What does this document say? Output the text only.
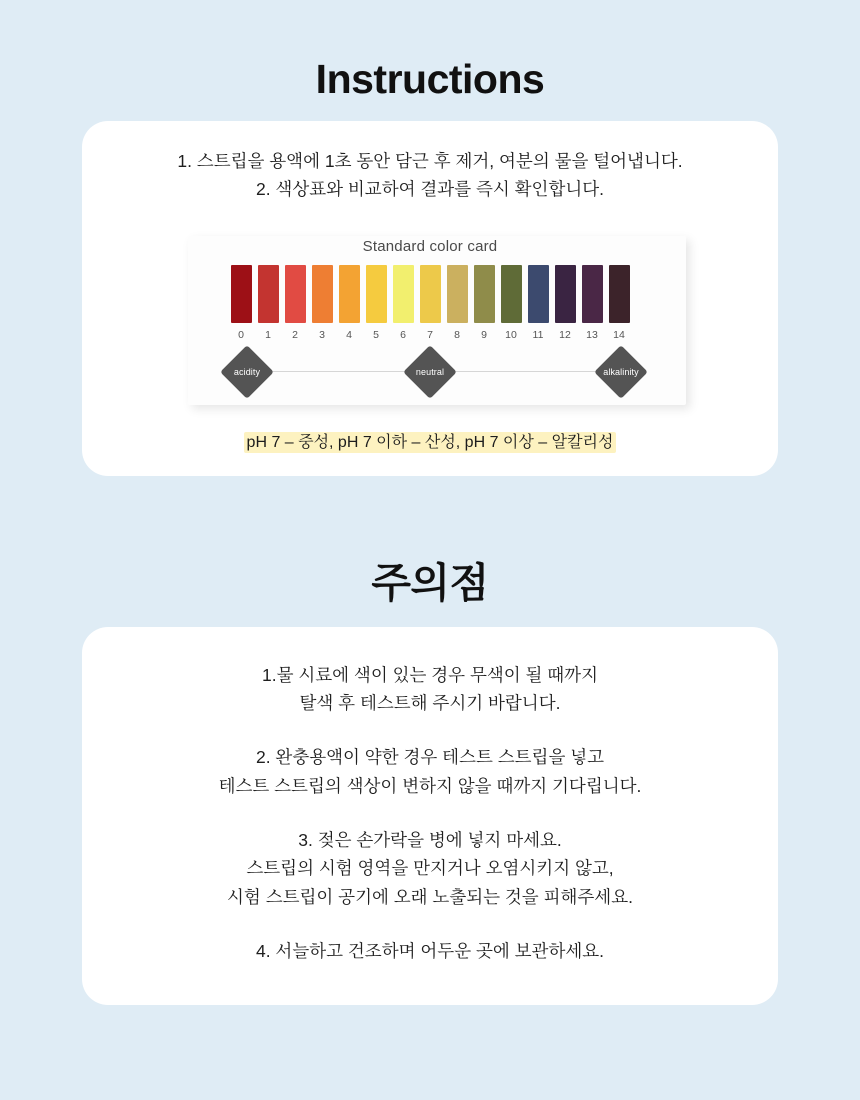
Instructions
1. 스트립을 용액에 1초 동안 담근 후 제거, 여분의 물을 털어냅니다.
2. 색상표와 비교하여 결과를 즉시 확인합니다.
Standard color card
0	1	2	3	4	5	6	7	8	9	10	11	12	13	14
acidity	neutral	alkalinity
pH 7 – 중성, pH 7 이하 – 산성, pH 7 이상 – 알칼리성
주의점
1.물 시료에 색이 있는 경우 무색이 될 때까지
탈색 후 테스트해 주시기 바랍니다.
2. 완충용액이 약한 경우 테스트 스트립을 넣고
테스트 스트립의 색상이 변하지 않을 때까지 기다립니다.
3. 젖은 손가락을 병에 넣지 마세요.
스트립의 시험 영역을 만지거나 오염시키지 않고,
시험 스트립이 공기에 오래 노출되는 것을 피해주세요.
4. 서늘하고 건조하며 어두운 곳에 보관하세요.
